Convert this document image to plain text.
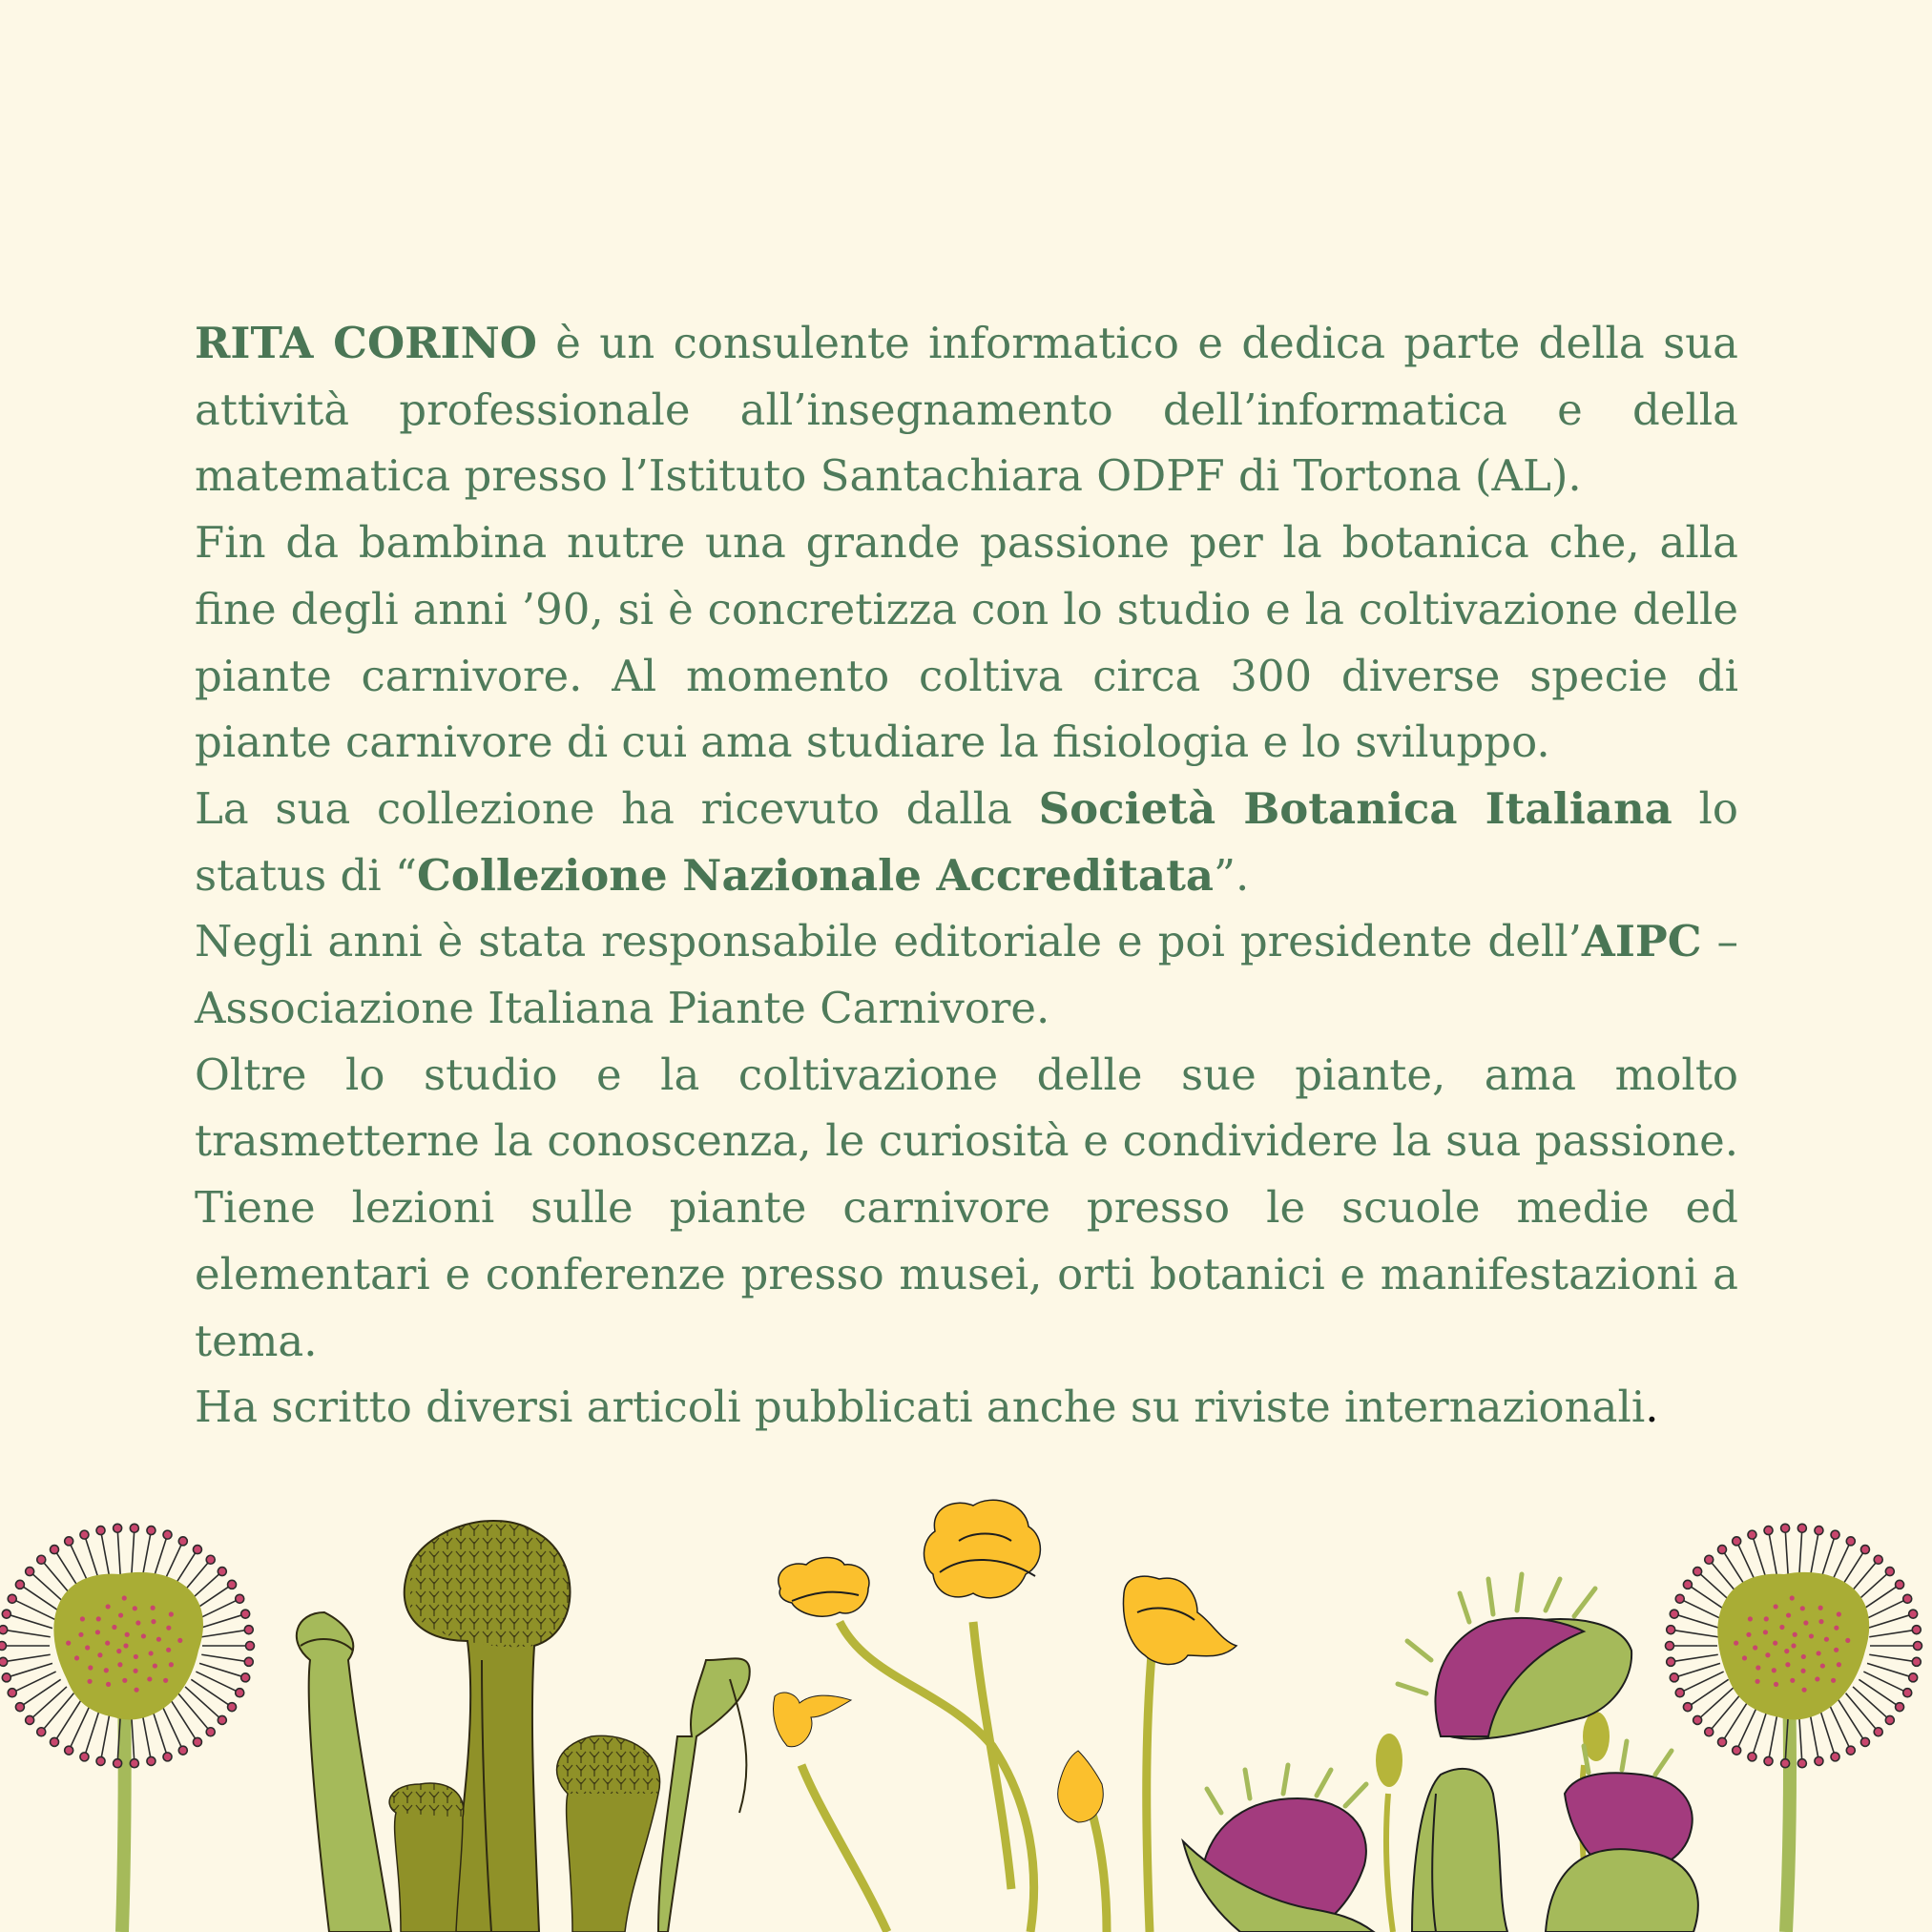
RITA CORINO è un consulente informatico e dedica parte della sua attività professionale all’insegnamento dell’informatica e della matematica presso l’Istituto Santachiara ODPF di Tortona (AL).

Fin da bambina nutre una grande passione per la botanica che, alla fine degli anni ’90, si è concretizza con lo studio e la coltivazione delle piante carnivore. Al momento coltiva circa 300 diverse specie di piante carnivore di cui ama studiare la fisiologia e lo sviluppo.

La sua collezione ha ricevuto dalla Società Botanica Italiana lo status di “Collezione Nazionale Accreditata”.

Negli anni è stata responsabile editoriale e poi presidente dell’AIPC – Associazione Italiana Piante Carnivore.

Oltre lo studio e la coltivazione delle sue piante, ama molto trasmetterne la conoscenza, le curiosità e condividere la sua passione. Tiene lezioni sulle piante carnivore presso le scuole medie ed elementari e conferenze presso musei, orti botanici e manifestazioni a tema.

Ha scritto diversi articoli pubblicati anche su riviste internazionali.
